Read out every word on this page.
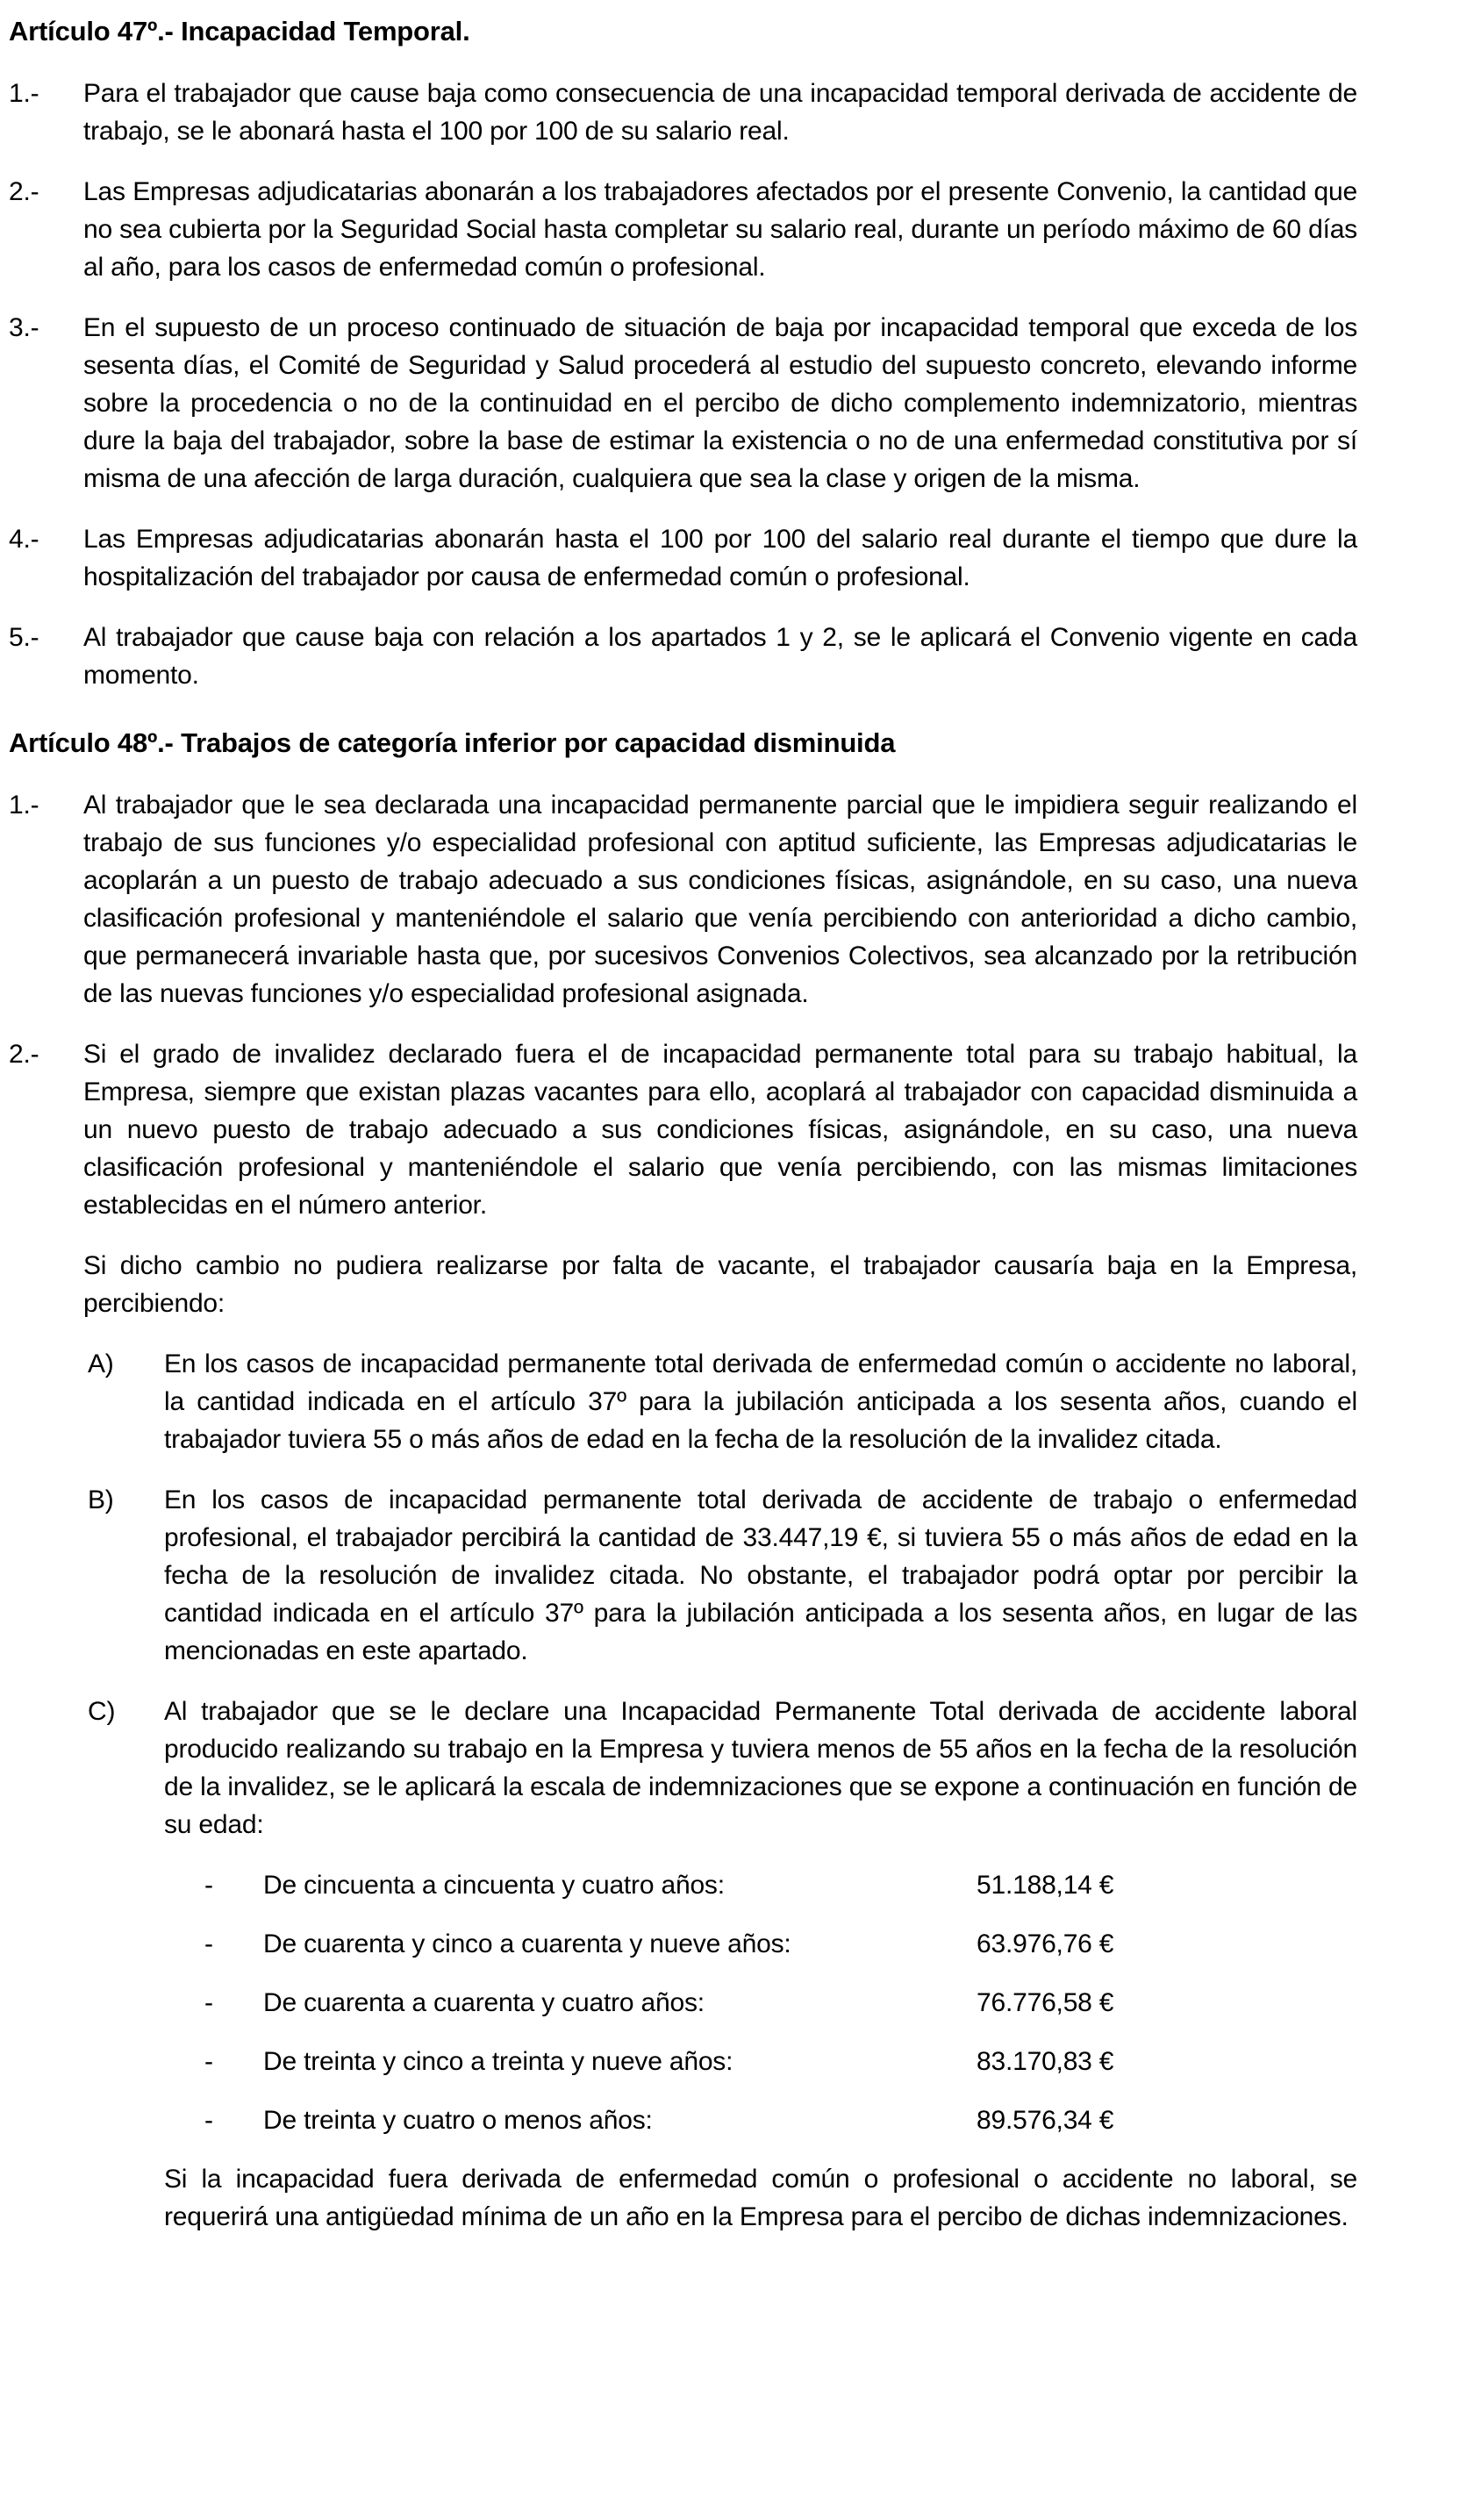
Artículo 47º.- Incapacidad Temporal.
1.-	Para el trabajador que cause baja como consecuencia de una incapacidad temporal derivada de accidente de trabajo, se le abonará hasta el 100 por 100 de su salario real.
2.-	Las Empresas adjudicatarias abonarán a los trabajadores afectados por el presente Convenio, la cantidad que no sea cubierta por la Seguridad Social hasta completar su salario real, durante un período máximo de 60 días al año, para los casos de enfermedad común o profesional.
3.-	En el supuesto de un proceso continuado de situación de baja por incapacidad temporal que exceda de los sesenta días, el Comité de Seguridad y Salud procederá al estudio del supuesto concreto, elevando informe sobre la procedencia o no de la continuidad en el percibo de dicho complemento indemnizatorio, mientras dure la baja del trabajador, sobre la base de estimar la existencia o no de una enfermedad constitutiva por sí misma de una afección de larga duración, cualquiera que sea la clase y origen de la misma.
4.-	Las Empresas adjudicatarias abonarán hasta el 100 por 100 del salario real durante el tiempo que dure la hospitalización del trabajador por causa de enfermedad común o profesional.
5.-	Al trabajador que cause baja con relación a los apartados 1 y 2, se le aplicará el Convenio vigente en cada momento.
Artículo 48º.- Trabajos de categoría inferior por capacidad disminuida
1.-	Al trabajador que le sea declarada una incapacidad permanente parcial que le impidiera seguir realizando el trabajo de sus funciones y/o especialidad profesional con aptitud suficiente, las Empresas adjudicatarias le acoplarán a un puesto de trabajo adecuado a sus condiciones físicas, asignándole, en su caso, una nueva clasificación profesional y manteniéndole el salario que venía percibiendo con anterioridad a dicho cambio, que permanecerá invariable hasta que, por sucesivos Convenios Colectivos, sea alcanzado por la retribución de las nuevas funciones y/o especialidad profesional asignada.
2.-	Si el grado de invalidez declarado fuera el de incapacidad permanente total para su trabajo habitual, la Empresa, siempre que existan plazas vacantes para ello, acoplará al trabajador con capacidad disminuida a un nuevo puesto de trabajo adecuado a sus condiciones físicas, asignándole, en su caso, una nueva clasificación profesional y manteniéndole el salario que venía percibiendo, con las mismas limitaciones establecidas en el número anterior.
Si dicho cambio no pudiera realizarse por falta de vacante, el trabajador causaría baja en la Empresa, percibiendo:
A)	En los casos de incapacidad permanente total derivada de enfermedad común o accidente no laboral, la cantidad indicada en el artículo 37º para la jubilación anticipada a los sesenta años, cuando el trabajador tuviera 55 o más años de edad en la fecha de la resolución de la invalidez citada.
B)	En los casos de incapacidad permanente total derivada de accidente de trabajo o enfermedad profesional, el trabajador percibirá la cantidad de 33.447,19 €, si tuviera 55 o más años de edad en la fecha de la resolución de invalidez citada. No obstante, el trabajador podrá optar por percibir la cantidad indicada en el artículo 37º para la jubilación anticipada a los sesenta años, en lugar de las mencionadas en este apartado.
C)	Al trabajador que se le declare una Incapacidad Permanente Total derivada de accidente laboral producido realizando su trabajo en la Empresa y tuviera menos de 55 años en la fecha de la resolución de la invalidez, se le aplicará la escala de indemnizaciones que se expone a continuación en función de su edad:
-	De cincuenta a cincuenta y cuatro años:	51.188,14 €
-	De cuarenta y cinco a cuarenta y nueve años:	63.976,76 €
-	De cuarenta a cuarenta y cuatro años:	76.776,58 €
-	De treinta y cinco a treinta y nueve años:	83.170,83 €
-	De treinta y cuatro o menos años:	89.576,34 €
Si la incapacidad fuera derivada de enfermedad común o profesional o accidente no laboral, se requerirá una antigüedad mínima de un año en la Empresa para el percibo de dichas indemnizaciones.
